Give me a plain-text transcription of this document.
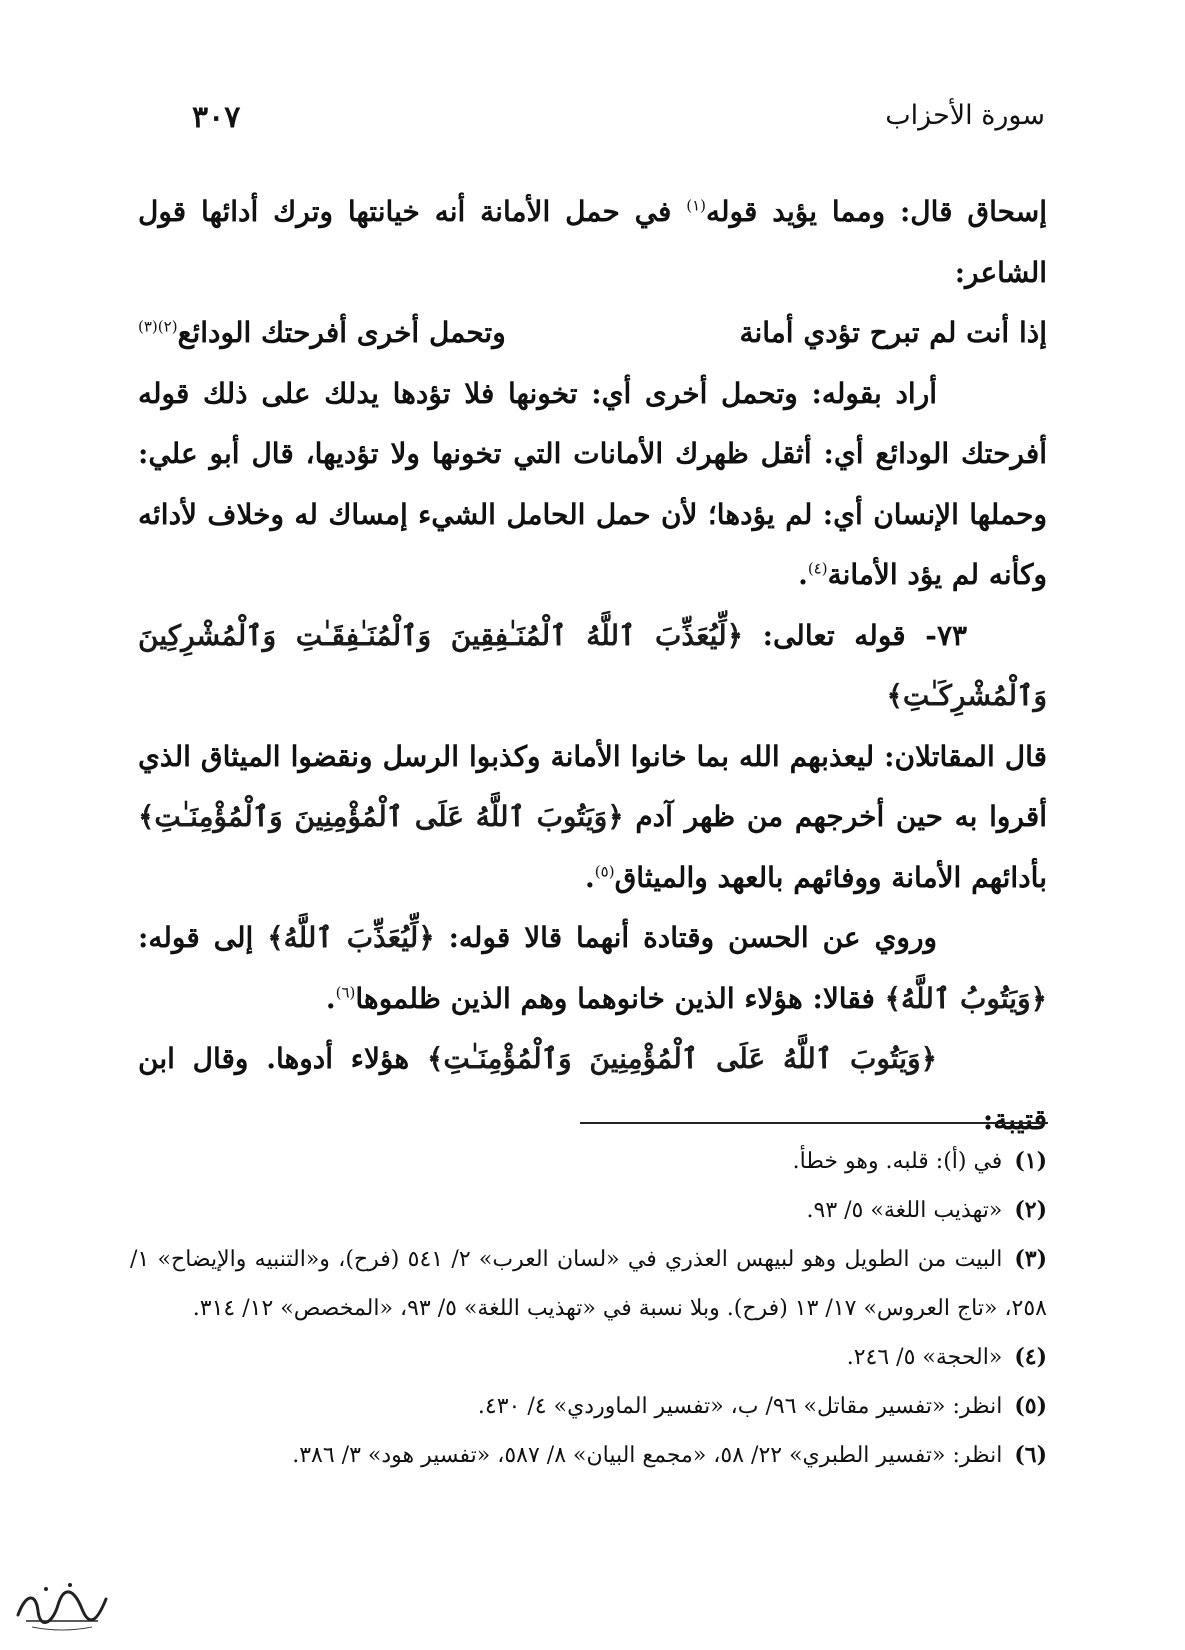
سورة الأحزاب
٣٠٧

إسحاق قال: ومما يؤيد قوله$^{(١)}$ في حمل الأمانة أنه خيانتها وترك أدائها قول الشاعر:

إذا أنت لم تبرح تؤدي أمانة
وتحمل أخرى أفرحتك الودائع$^{(٢)(٣)}$

أراد بقوله: وتحمل أخرى أي: تخونها فلا تؤدها يدلك على ذلك قوله أفرحتك الودائع أي: أثقل ظهرك الأمانات التي تخونها ولا تؤديها، قال أبو علي: وحملها الإنسان أي: لم يؤدها؛ لأن حمل الحامل الشيء إمساك له وخلاف لأدائه وكأنه لم يؤد الأمانة$^{(٤)}$.

٧٣- قوله تعالى: ﴿لِّيُعَذِّبَ ٱللَّهُ ٱلْمُنَـٰفِقِينَ وَٱلْمُنَـٰفِقَـٰتِ وَٱلْمُشْرِكِينَ وَٱلْمُشْرِكَـٰتِ﴾

قال المقاتلان: ليعذبهم الله بما خانوا الأمانة وكذبوا الرسل ونقضوا الميثاق الذي أقروا به حين أخرجهم من ظهر آدم ﴿وَيَتُوبَ ٱللَّهُ عَلَى ٱلْمُؤْمِنِينَ وَٱلْمُؤْمِنَـٰتِ﴾ بأدائهم الأمانة ووفائهم بالعهد والميثاق$^{(٥)}$.

وروي عن الحسن وقتادة أنهما قالا قوله: ﴿لِّيُعَذِّبَ ٱللَّهُ﴾ إلى قوله: ﴿وَيَتُوبُ ٱللَّهُ﴾ فقالا: هؤلاء الذين خانوهما وهم الذين ظلموها$^{(٦)}$.

﴿وَيَتُوبَ ٱللَّهُ عَلَى ٱلْمُؤْمِنِينَ وَٱلْمُؤْمِنَـٰتِ﴾ هؤلاء أدوها. وقال ابن قتيبة:

(١)في (أ): قلبه. وهو خطأ.

(٢)«تهذيب اللغة» ٥/ ٩٣.

(٣)البيت من الطويل وهو لبيهس العذري في «لسان العرب» ٢/ ٥٤١ (فرح)، و«التنبيه والإيضاح» ١/ ٢٥٨، «تاج العروس» ١٧/ ١٣ (فرح). وبلا نسبة في «تهذيب اللغة» ٥/ ٩٣، «المخصص» ١٢/ ٣١٤.

(٤)«الحجة» ٥/ ٢٤٦.

(٥)انظر: «تفسير مقاتل» ٩٦/ ب، «تفسير الماوردي» ٤/ ٤٣٠.

(٦)انظر: «تفسير الطبري» ٢٢/ ٥٨، «مجمع البيان» ٨/ ٥٨٧، «تفسير هود» ٣/ ٣٨٦.
